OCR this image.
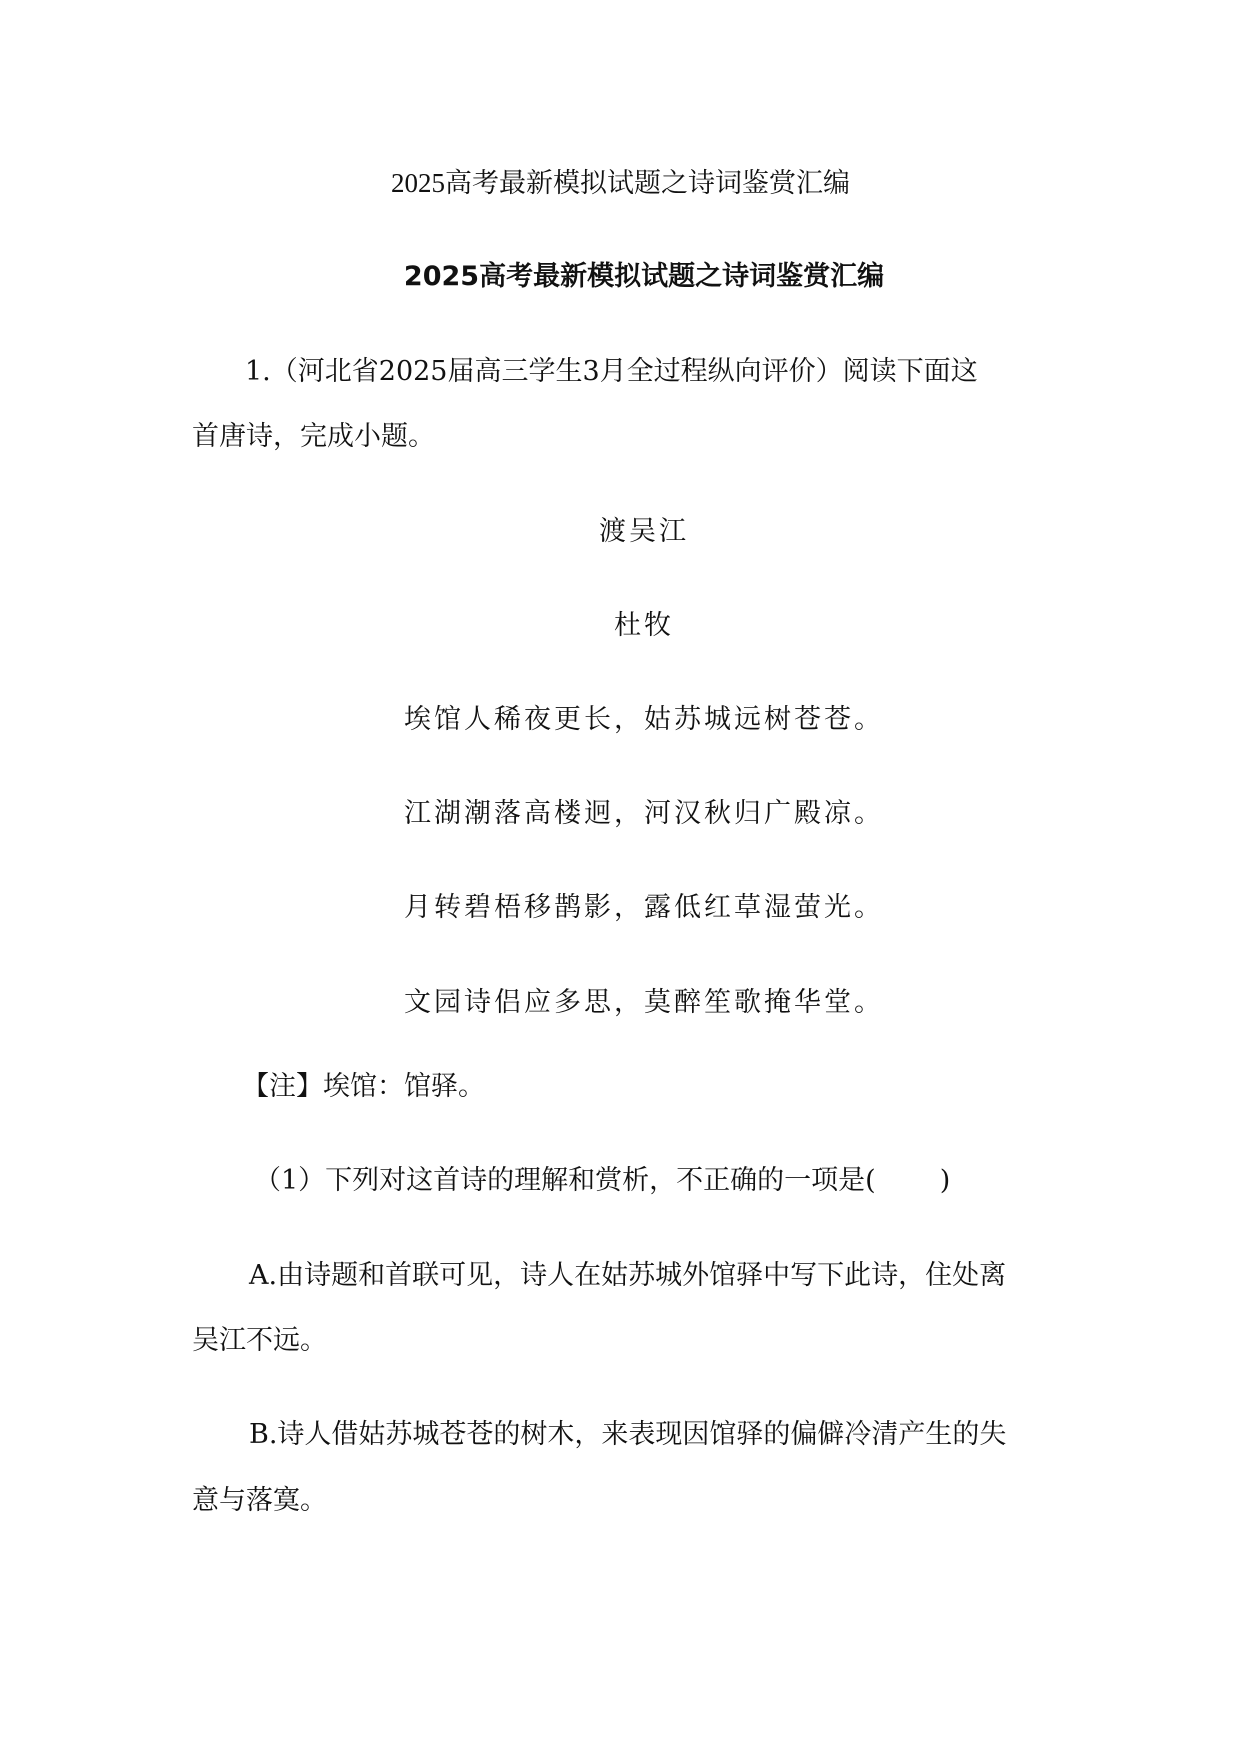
2025高考最新模拟试题之诗词鉴赏汇编
2025高考最新模拟试题之诗词鉴赏汇编
1.（河北省2025届高三学生3月全过程纵向评价）阅读下面这
首唐诗，完成小题。
渡吴江
杜牧
埃馆人稀夜更长，姑苏城远树苍苍。
江湖潮落高楼迥，河汉秋归广殿凉。
月转碧梧移鹊影，露低红草湿萤光。
文园诗侣应多思，莫醉笙歌掩华堂。
【注】埃馆：馆驿。
（1）下列对这首诗的理解和赏析，不正确的一项是( )
A.由诗题和首联可见，诗人在姑苏城外馆驿中写下此诗，住处离
吴江不远。
B.诗人借姑苏城苍苍的树木，来表现因馆驿的偏僻冷清产生的失
意与落寞。
